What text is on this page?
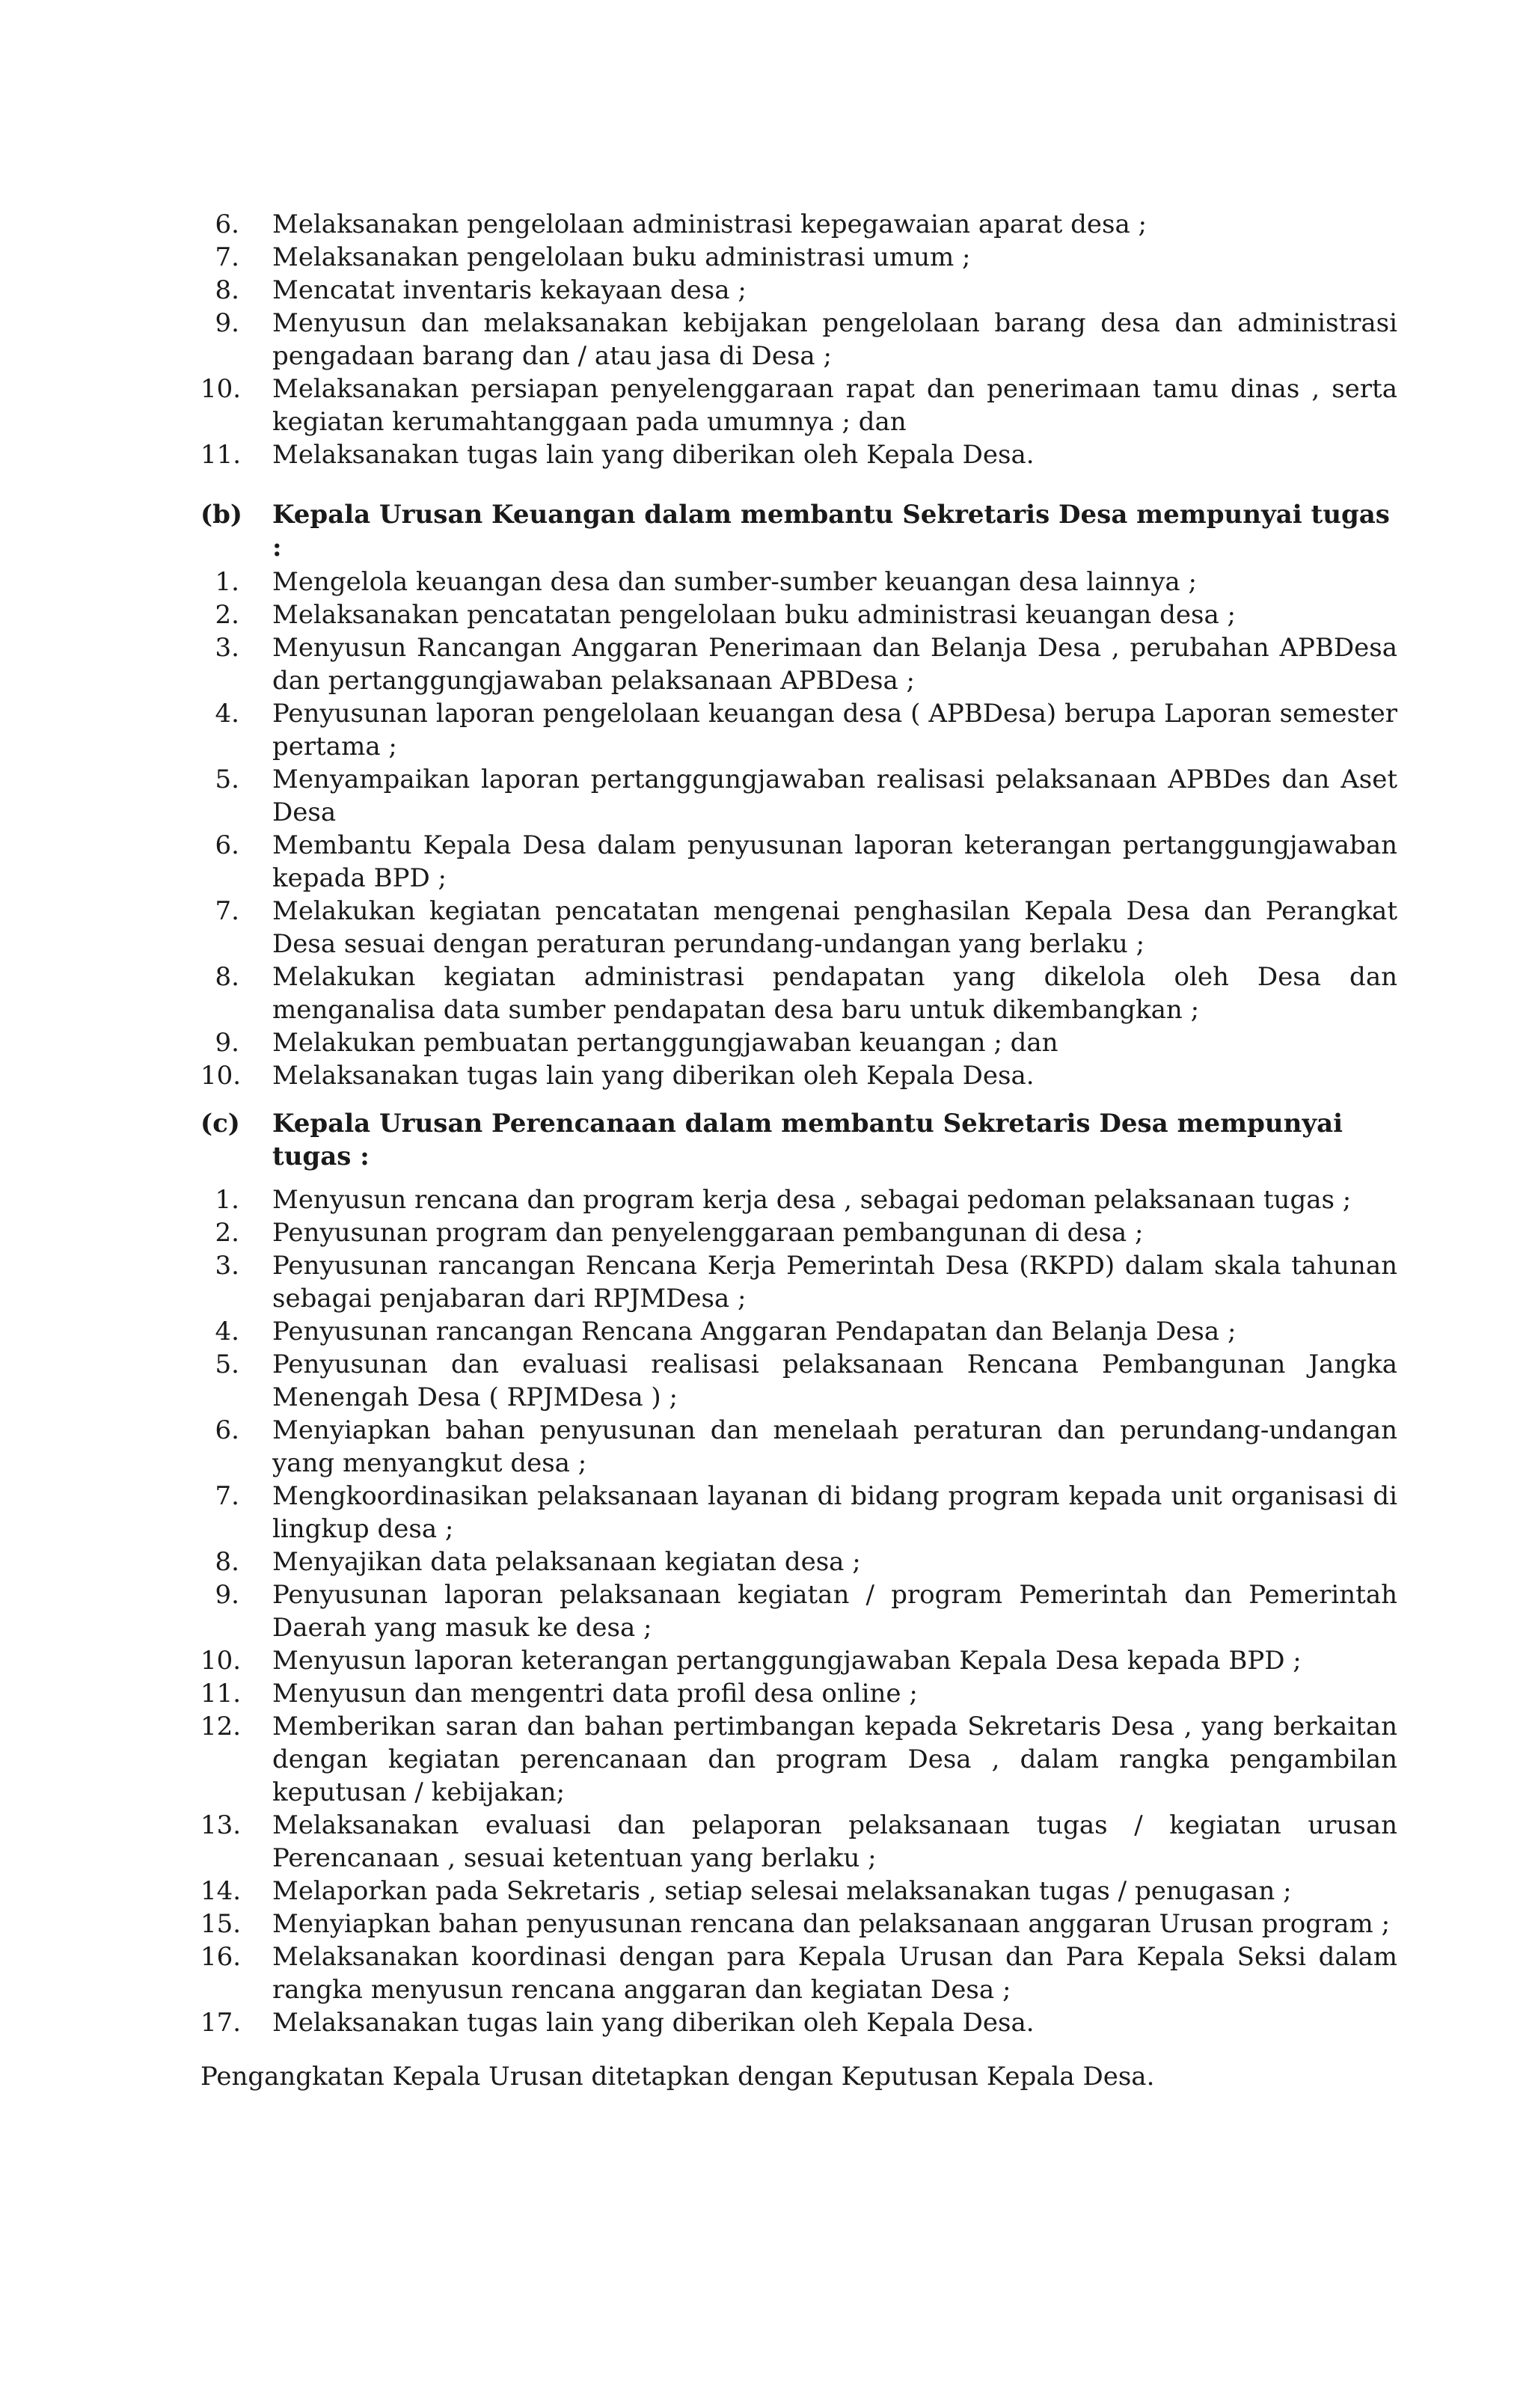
6. Melaksanakan pengelolaan administrasi kepegawaian aparat desa ;
7. Melaksanakan pengelolaan buku administrasi umum ;
8. Mencatat inventaris kekayaan desa ;
9. Menyusun dan melaksanakan kebijakan pengelolaan barang desa dan administrasi pengadaan barang dan / atau jasa di Desa ;
10. Melaksanakan persiapan penyelenggaraan rapat dan penerimaan tamu dinas , serta kegiatan kerumahtanggaan pada umumnya ; dan
11. Melaksanakan tugas lain yang diberikan oleh Kepala Desa.
(b) Kepala Urusan Keuangan dalam membantu Sekretaris Desa mempunyai tugas :
1. Mengelola keuangan desa dan sumber-sumber keuangan desa lainnya ;
2. Melaksanakan pencatatan pengelolaan buku administrasi keuangan desa ;
3. Menyusun Rancangan Anggaran Penerimaan dan Belanja Desa , perubahan APBDesa dan pertanggungjawaban pelaksanaan APBDesa ;
4. Penyusunan laporan pengelolaan keuangan desa ( APBDesa) berupa Laporan semester pertama ;
5. Menyampaikan laporan pertanggungjawaban realisasi pelaksanaan APBDes dan Aset Desa
6. Membantu Kepala Desa dalam penyusunan laporan keterangan pertanggungjawaban kepada BPD ;
7. Melakukan kegiatan pencatatan mengenai penghasilan Kepala Desa dan Perangkat Desa sesuai dengan peraturan perundang-undangan yang berlaku ;
8. Melakukan kegiatan administrasi pendapatan yang dikelola oleh Desa dan menganalisa data sumber pendapatan desa baru untuk dikembangkan ;
9. Melakukan pembuatan pertanggungjawaban keuangan ; dan
10. Melaksanakan tugas lain yang diberikan oleh Kepala Desa.
(c) Kepala Urusan Perencanaan dalam membantu Sekretaris Desa mempunyai tugas :
1. Menyusun rencana dan program kerja desa , sebagai pedoman pelaksanaan tugas ;
2. Penyusunan program dan penyelenggaraan pembangunan di desa ;
3. Penyusunan rancangan Rencana Kerja Pemerintah Desa (RKPD) dalam skala tahunan sebagai penjabaran dari RPJMDesa ;
4. Penyusunan rancangan Rencana Anggaran Pendapatan dan Belanja Desa ;
5. Penyusunan dan evaluasi realisasi pelaksanaan Rencana Pembangunan Jangka Menengah Desa ( RPJMDesa ) ;
6. Menyiapkan bahan penyusunan dan menelaah peraturan dan perundang-undangan yang menyangkut desa ;
7. Mengkoordinasikan pelaksanaan layanan di bidang program kepada unit organisasi di lingkup desa ;
8. Menyajikan data pelaksanaan kegiatan desa ;
9. Penyusunan laporan pelaksanaan kegiatan / program Pemerintah dan Pemerintah Daerah yang masuk ke desa ;
10. Menyusun laporan keterangan pertanggungjawaban Kepala Desa kepada BPD ;
11. Menyusun dan mengentri data profil desa online ;
12. Memberikan saran dan bahan pertimbangan kepada Sekretaris Desa , yang berkaitan dengan kegiatan perencanaan dan program Desa , dalam rangka pengambilan keputusan / kebijakan;
13. Melaksanakan evaluasi dan pelaporan pelaksanaan tugas / kegiatan urusan Perencanaan , sesuai ketentuan yang berlaku ;
14. Melaporkan pada Sekretaris , setiap selesai melaksanakan tugas / penugasan ;
15. Menyiapkan bahan penyusunan rencana dan pelaksanaan anggaran Urusan program ;
16. Melaksanakan koordinasi dengan para Kepala Urusan dan Para Kepala Seksi dalam rangka menyusun rencana anggaran dan kegiatan Desa ;
17. Melaksanakan tugas lain yang diberikan oleh Kepala Desa.

Pengangkatan Kepala Urusan ditetapkan dengan Keputusan Kepala Desa.
